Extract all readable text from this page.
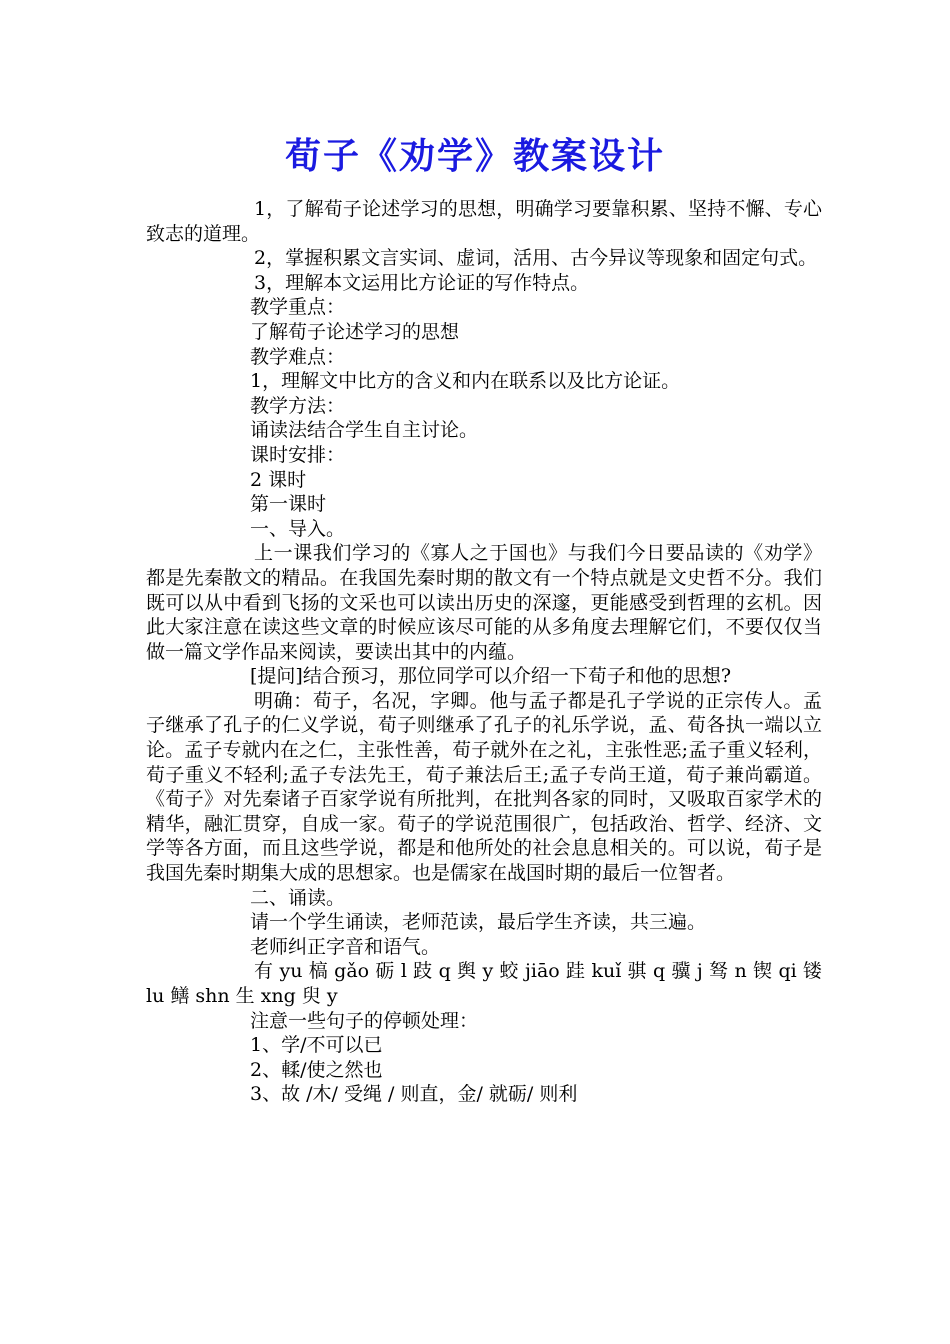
荀子《劝学》教案设计

1，了解荀子论述学习的思想，明确学习要靠积累、坚持不懈、专心致志的道理。

2，掌握积累文言实词、虚词，活用、古今异议等现象和固定句式。

3，理解本文运用比方论证的写作特点。

教学重点：

了解荀子论述学习的思想

教学难点：

1，理解文中比方的含义和内在联系以及比方论证。

教学方法：

诵读法结合学生自主讨论。

课时安排：

2 课时

第一课时

一、导入。

上一课我们学习的《寡人之于国也》与我们今日要品读的《劝学》都是先秦散文的精品。在我国先秦时期的散文有一个特点就是文史哲不分。我们既可以从中看到飞扬的文采也可以读出历史的深邃，更能感受到哲理的玄机。因此大家注意在读这些文章的时候应该尽可能的从多角度去理解它们，不要仅仅当做一篇文学作品来阅读，要读出其中的内蕴。

[提问]结合预习，那位同学可以介绍一下荀子和他的思想?

明确：荀子，名况，字卿。他与孟子都是孔子学说的正宗传人。孟子继承了孔子的仁义学说，荀子则继承了孔子的礼乐学说，孟、荀各执一端以立论。孟子专就内在之仁，主张性善，荀子就外在之礼，主张性恶;孟子重义轻利，荀子重义不轻利;孟子专法先王，荀子兼法后王;孟子专尚王道，荀子兼尚霸道。《荀子》对先秦诸子百家学说有所批判，在批判各家的同时，又吸取百家学术的精华，融汇贯穿，自成一家。荀子的学说范围很广，包括政治、哲学、经济、文学等各方面，而且这些学说，都是和他所处的社会息息相关的。可以说，荀子是我国先秦时期集大成的思想家。也是儒家在战国时期的最后一位智者。

二、诵读。

请一个学生诵读，老师范读，最后学生齐读，共三遍。

老师纠正字音和语气。

有 yu 槁 gǎo 砺 l 跂 q 舆 y 蛟 jiāo 跬 kuǐ 骐 q 骥 j 驽 n 锲 qi 镂 lu 鳝 shn 生 xng 臾 y

注意一些句子的停顿处理：

1、学/不可以已

2、輮/使之然也

3、故 /木/ 受绳 / 则直，金/ 就砺/ 则利
